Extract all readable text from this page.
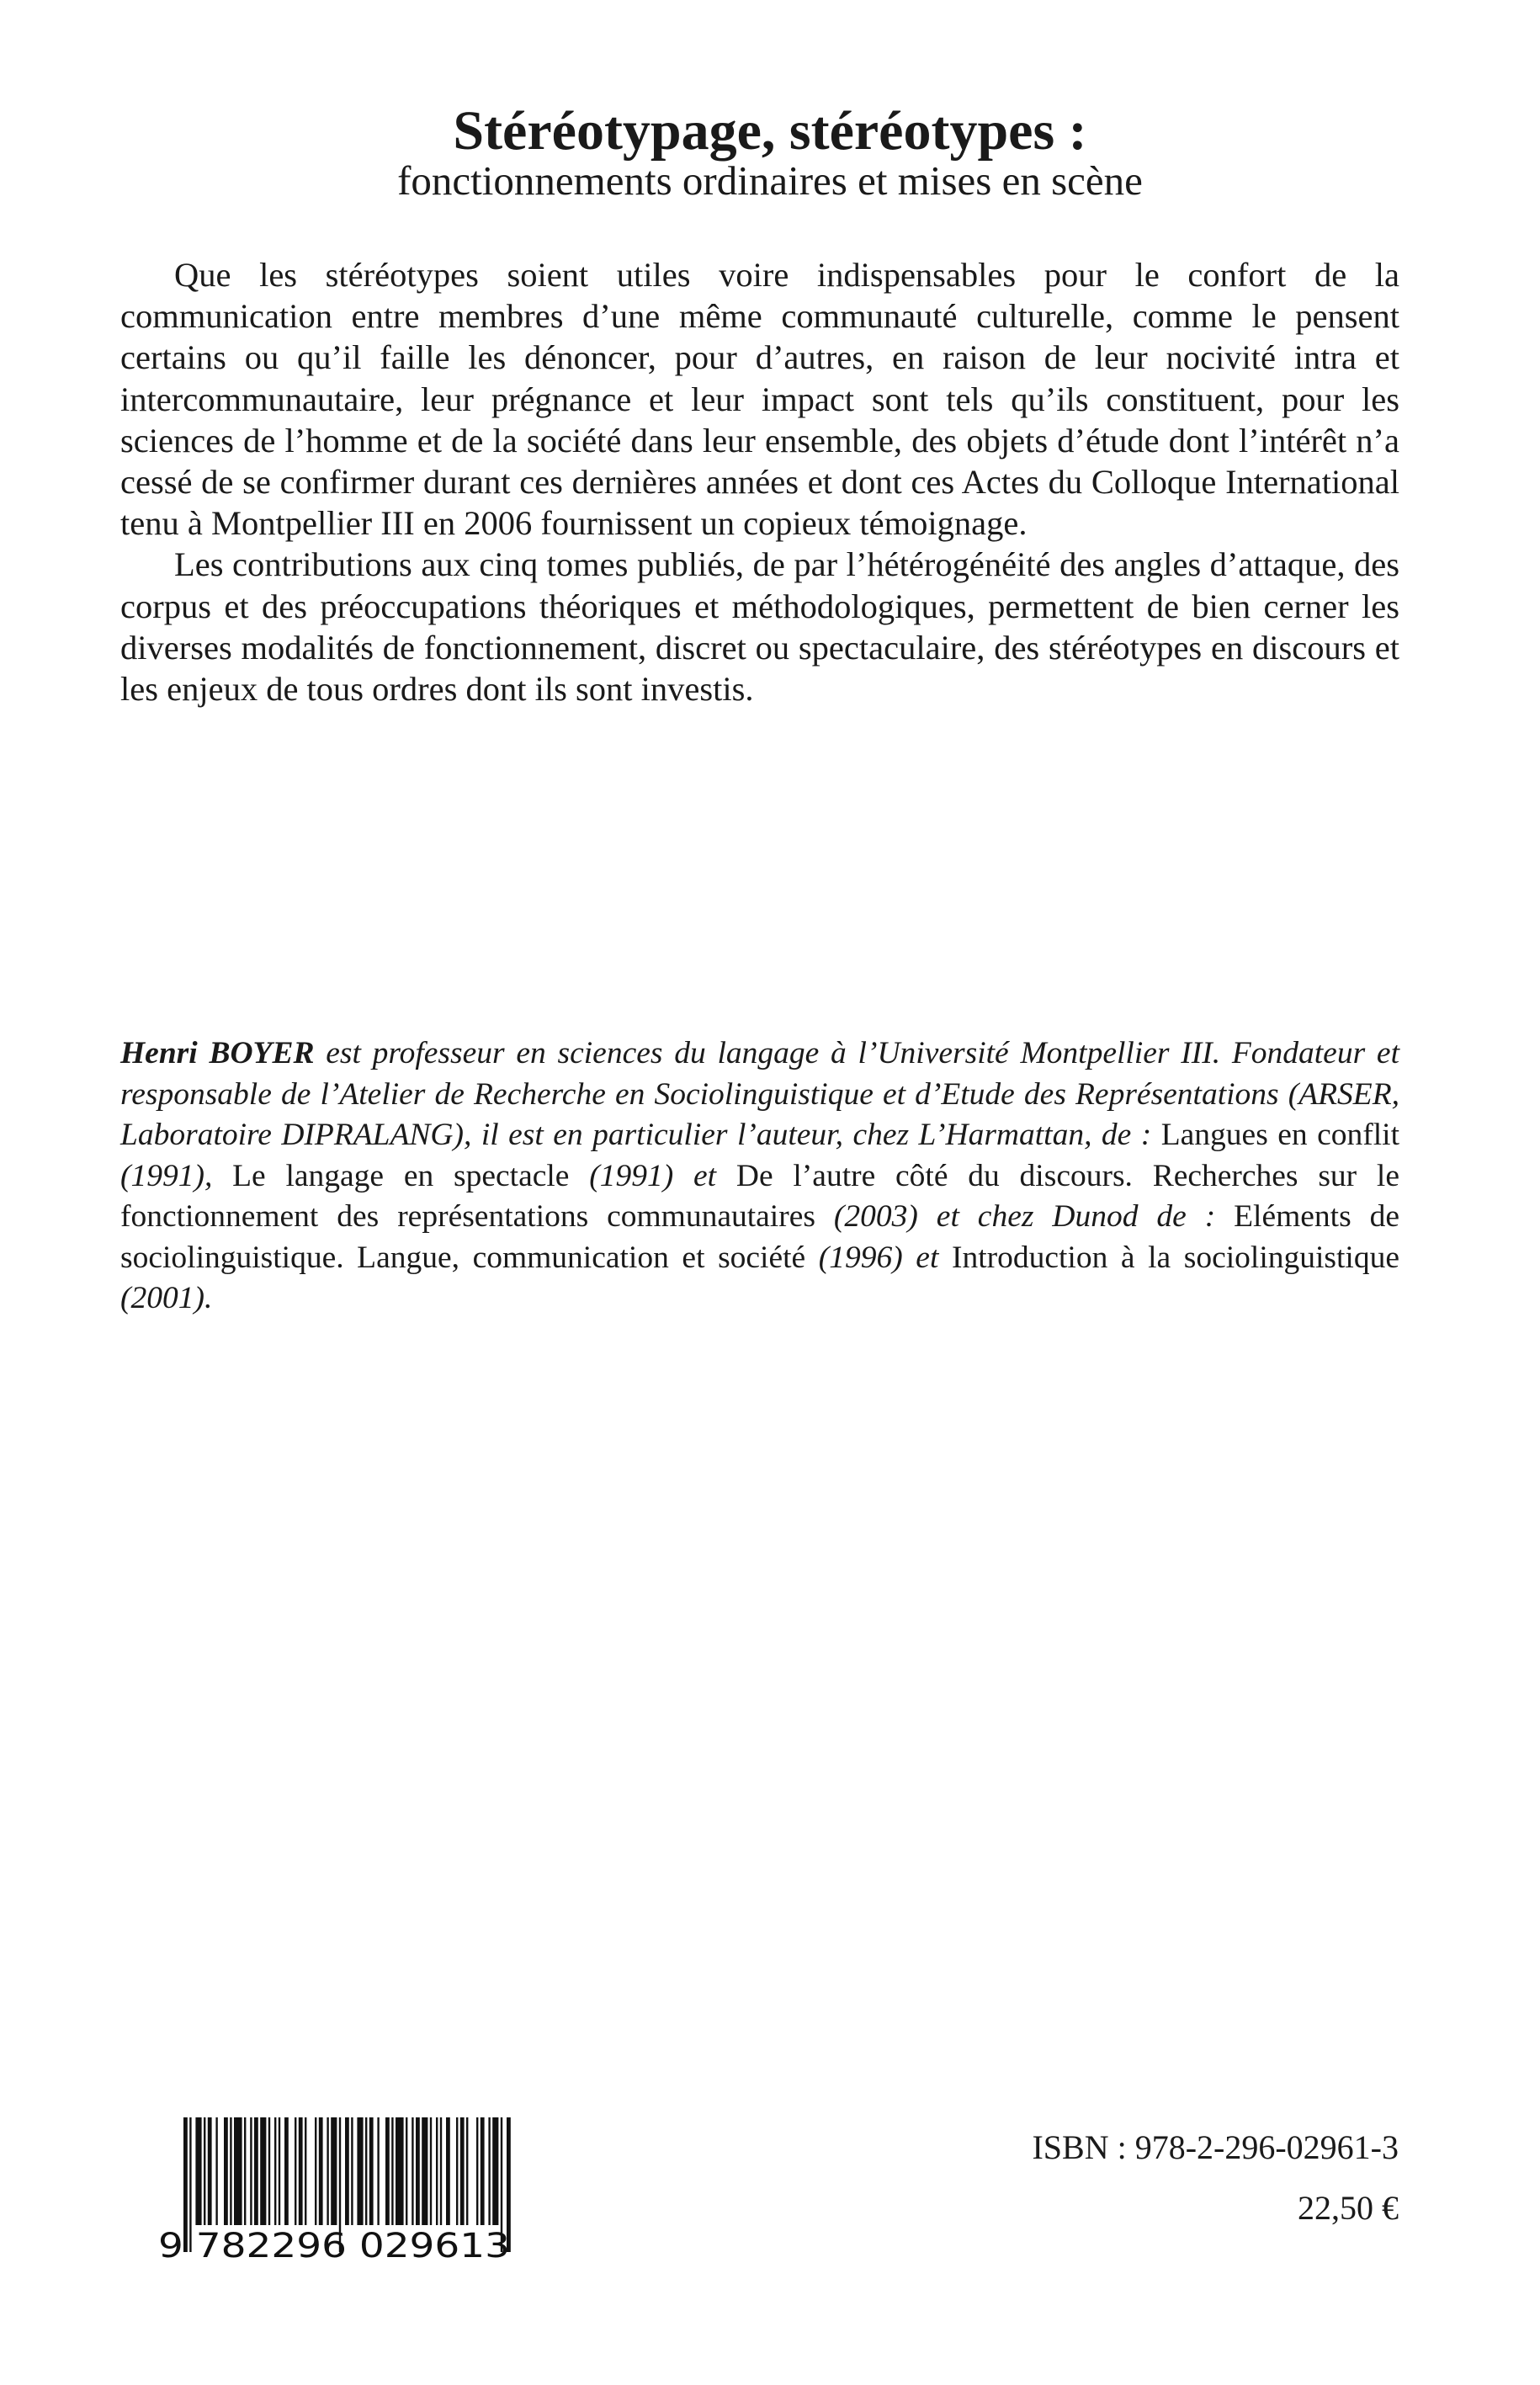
Stéréotypage, stéréotypes :
fonctionnements ordinaires et mises en scène

Que les stéréotypes soient utiles voire indispensables pour le confort de la communication entre membres d’une même communauté culturelle, comme le pensent certains ou qu’il faille les dénoncer, pour d’autres, en raison de leur nocivité intra et intercommunautaire, leur prégnance et leur impact sont tels qu’ils constituent, pour les sciences de l’homme et de la société dans leur ensemble, des objets d’étude dont l’intérêt n’a cessé de se confirmer durant ces dernières années et dont ces Actes du Colloque International tenu à Montpellier III en 2006 fournissent un copieux témoignage.

Les contributions aux cinq tomes publiés, de par l’hétérogénéité des angles d’attaque, des corpus et des préoccupations théoriques et méthodologiques, permettent de bien cerner les diverses modalités de fonctionnement, discret ou spectaculaire, des stéréotypes en discours et les enjeux de tous ordres dont ils sont investis.

Henri BOYER est professeur en sciences du langage à l’Université Montpellier III. Fondateur et responsable de l’Atelier de Recherche en Sociolinguistique et d’Etude des Représentations (ARSER, Laboratoire DIPRALANG), il est en particulier l’auteur, chez L’Harmattan, de : Langues en conflit (1991), Le langage en spectacle (1991) et De l’autre côté du discours. Recherches sur le fonctionnement des représentations communautaires (2003) et chez Dunod de : Eléments de sociolinguistique. Langue, communication et société (1996) et Introduction à la sociolinguistique (2001).
9 782296 029613
ISBN : 978-2-296-02961-3
22,50 €
